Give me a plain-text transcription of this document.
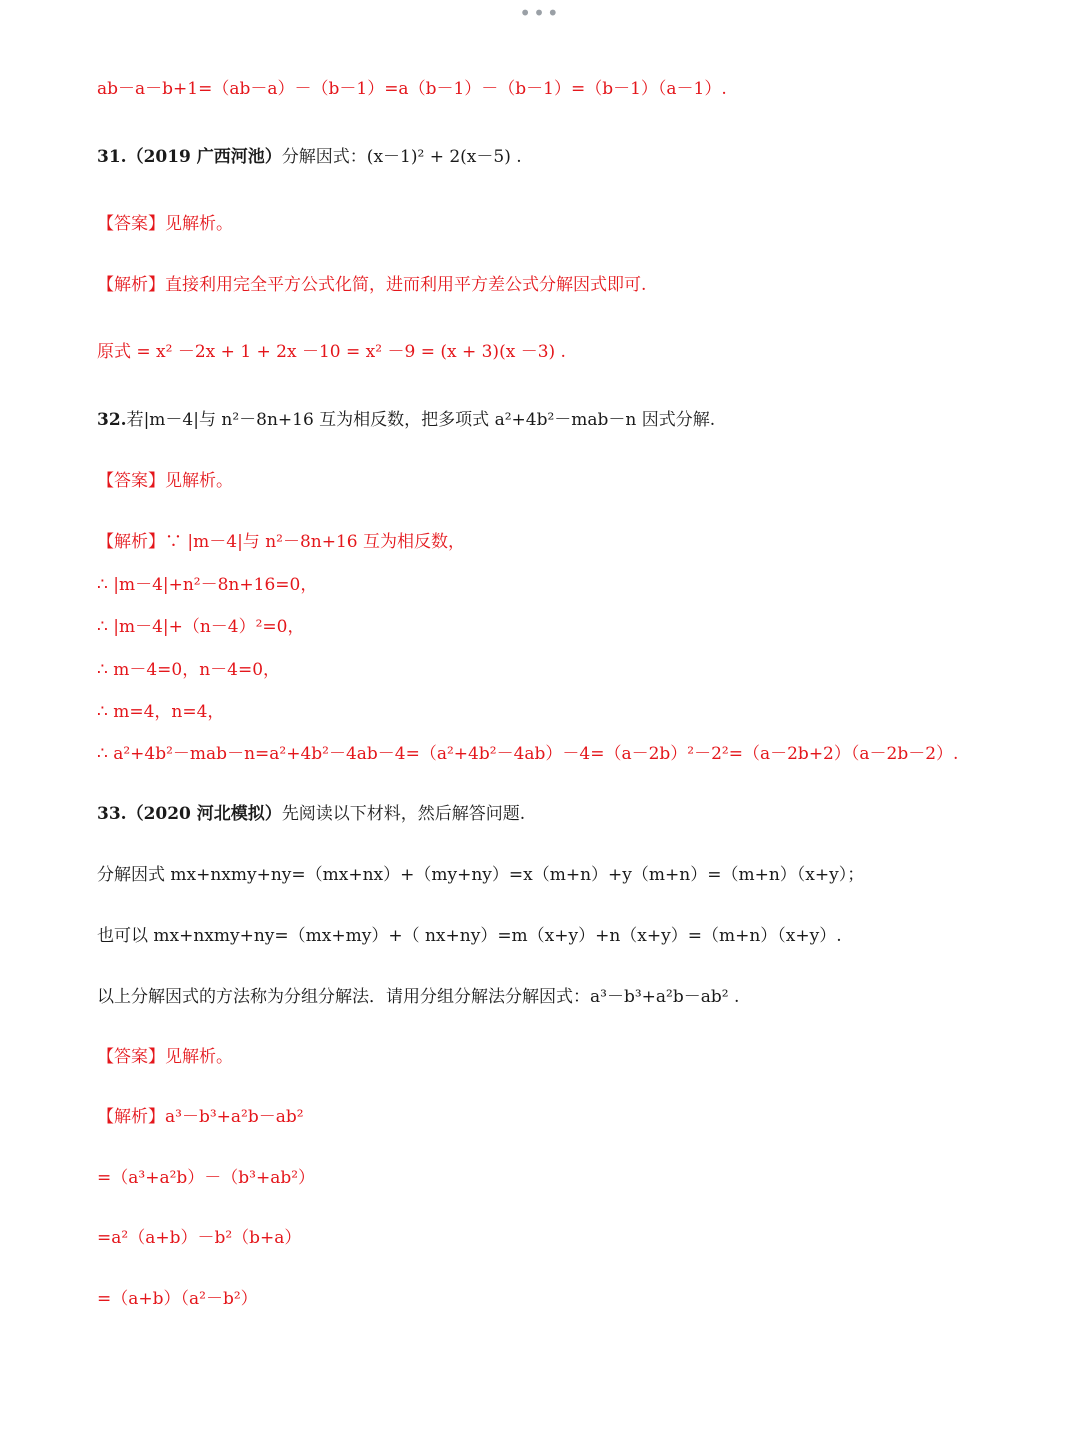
•••
ab－a－b+1=（ab－a）－（b－1）=a（b－1）－（b－1）=（b－1）（a－1）.
31.（2019 广西河池）分解因式：(x－1)² + 2(x－5) .
【答案】见解析。
【解析】直接利用完全平方公式化简，进而利用平方差公式分解因式即可.
原式 = x² －2x + 1 + 2x －10 = x² －9 = (x + 3)(x －3) .
32.若|m－4|与 n²－8n+16 互为相反数，把多项式 a²+4b²－mab－n 因式分解.
【答案】见解析。
【解析】∵ |m－4|与 n²－8n+16 互为相反数，
∴ |m－4|+n²－8n+16=0，
∴ |m－4|+（n－4）²=0，
∴ m－4=0，n－4=0，
∴ m=4，n=4，
∴ a²+4b²－mab－n=a²+4b²－4ab－4=（a²+4b²－4ab）－4=（a－2b）²－2²=（a－2b+2）（a－2b－2）.
33.（2020 河北模拟）先阅读以下材料，然后解答问题.
分解因式 mx+nxmy+ny=（mx+nx）+（my+ny）=x（m+n）+y（m+n）=（m+n）（x+y）；
也可以 mx+nxmy+ny=（mx+my）+（ nx+ny）=m（x+y）+n（x+y）=（m+n）（x+y）.
以上分解因式的方法称为分组分解法．请用分组分解法分解因式：a³－b³+a²b－ab² .
【答案】见解析。
【解析】a³－b³+a²b－ab²
=（a³+a²b）－（b³+ab²）
=a²（a+b）－b²（b+a）
=（a+b）（a²－b²）
